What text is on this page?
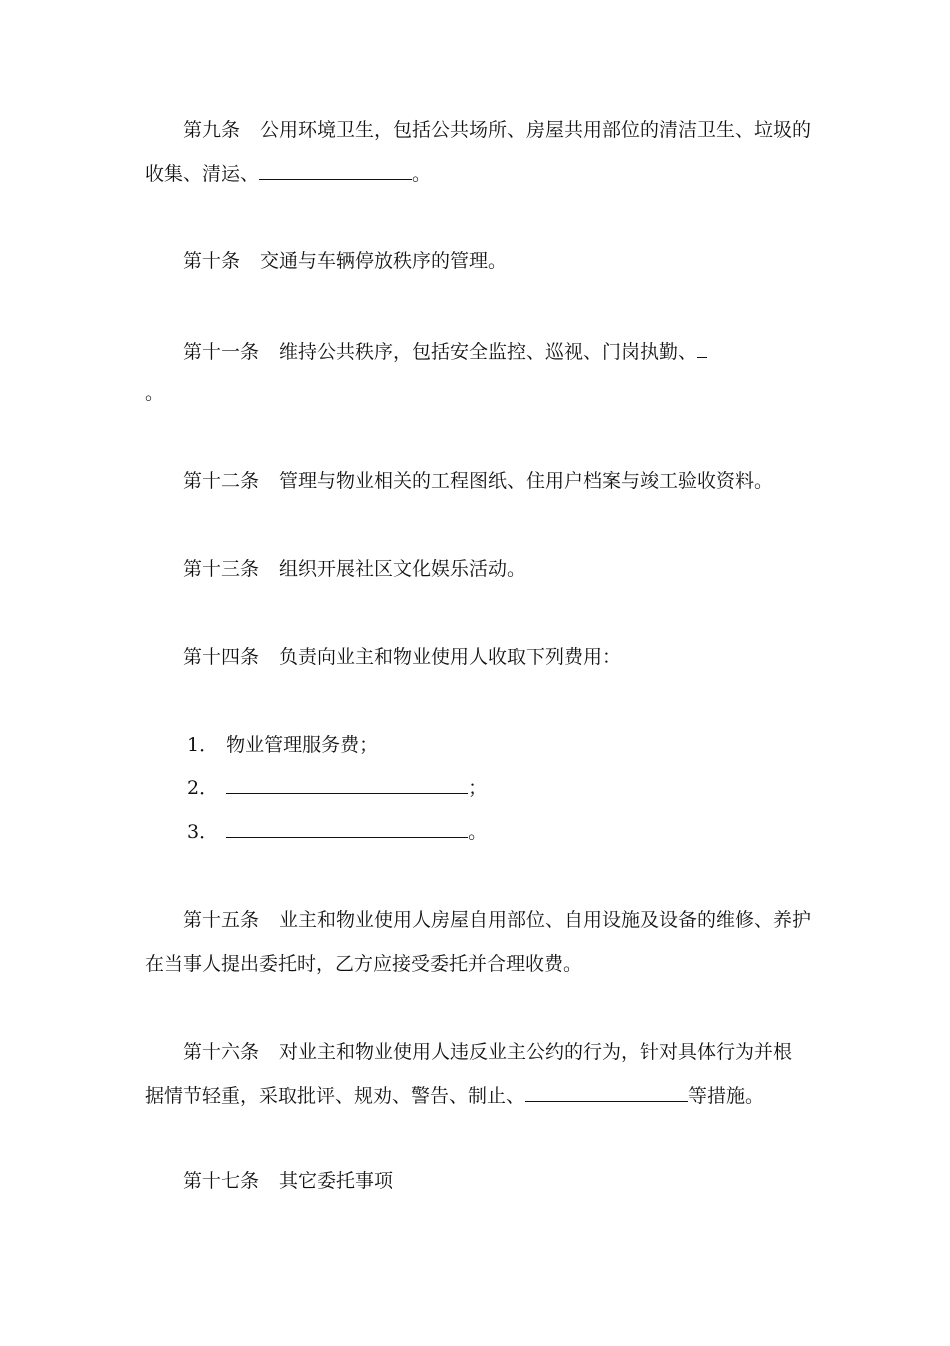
第九条 公用环境卫生，包括公共场所、房屋共用部位的清洁卫生、垃圾的
收集、清运、	。
第十条 交通与车辆停放秩序的管理。
第十一条 维持公共秩序，包括安全监控、巡视、门岗执勤、
。
第十二条 管理与物业相关的工程图纸、住用户档案与竣工验收资料。
第十三条 组织开展社区文化娱乐活动。
第十四条 负责向业主和物业使用人收取下列费用：
1． 物业管理服务费；
2．	；
3．	。
第十五条 业主和物业使用人房屋自用部位、自用设施及设备的维修、养护
在当事人提出委托时，乙方应接受委托并合理收费。
第十六条 对业主和物业使用人违反业主公约的行为，针对具体行为并根
据情节轻重，采取批评、规劝、警告、制止、	等措施。
第十七条 其它委托事项
